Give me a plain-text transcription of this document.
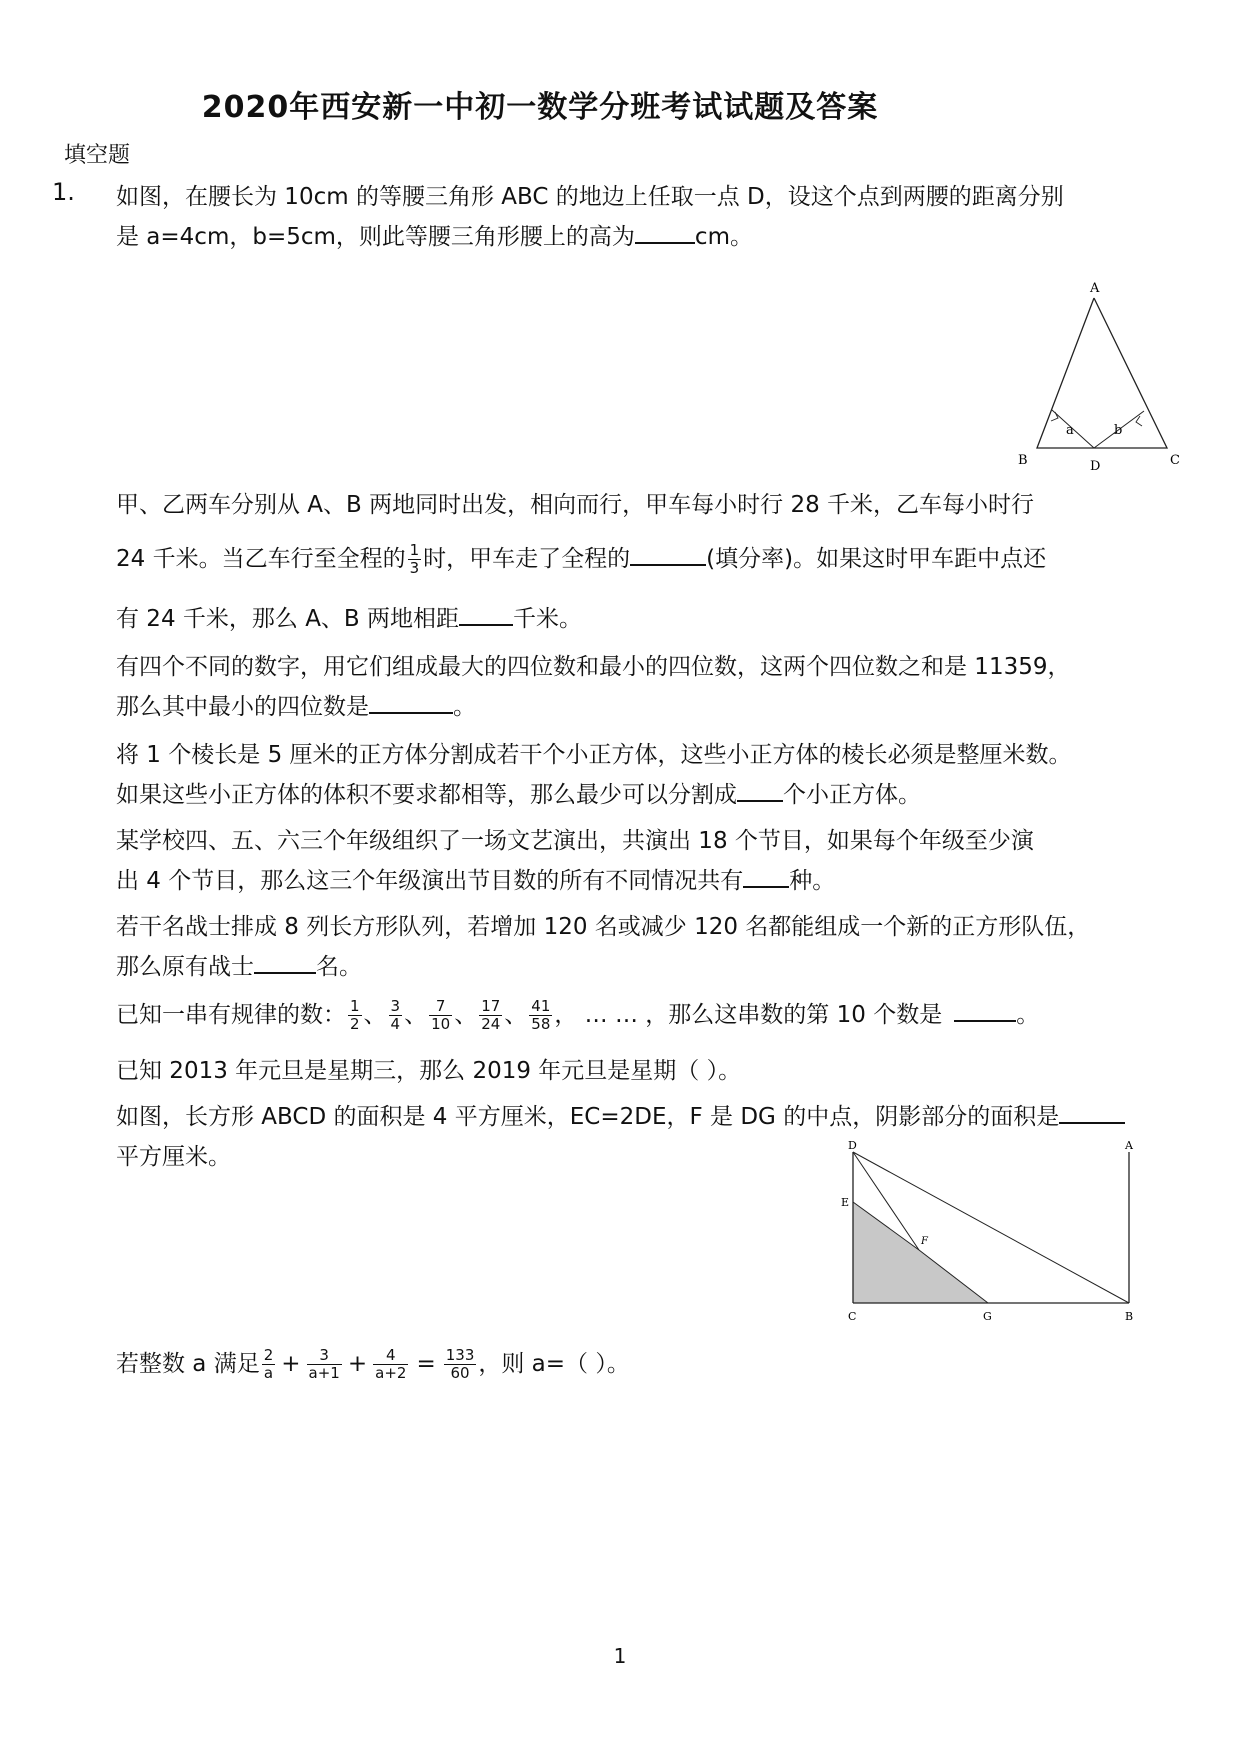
2020年西安新一中初一数学分班考试试题及答案
填空题
1. 如图，在腰长为 10cm 的等腰三角形 ABC 的地边上任取一点 D，设这个点到两腰的距离分别
是 a=4cm，b=5cm，则此等腰三角形腰上的高为	cm。
A
B	D	C
a	b
甲、乙两车分别从 A、B 两地同时出发，相向而行，甲车每小时行 28 千米，乙车每小时行
24 千米。当乙车行至全程的 $\frac{1}{3}$ 时，甲车走了全程的	(填分率)。如果这时甲车距中点还
有 24 千米，那么 A、B 两地相距 千米。
有四个不同的数字，用它们组成最大的四位数和最小的四位数，这两个四位数之和是 11359，
那么其中最小的四位数是	。
将 1 个棱长是 5 厘米的正方体分割成若干个小正方体，这些小正方体的棱长必须是整厘米数。
如果这些小正方体的体积不要求都相等，那么最少可以分割成 个小正方体。
某学校四、五、六三个年级组织了一场文艺演出，共演出 18 个节目，如果每个年级至少演
出 4 个节目，那么这三个年级演出节目数的所有不同情况共有 种。
若干名战士排成 8 列长方形队列，若增加 120 名或减少 120 名都能组成一个新的正方形队伍，
那么原有战士	名。
已知一串有规律的数： $\frac{1}{2}$ 、 $\frac{3}{4}$ 、 $\frac{7}{10}$ 、 $\frac{17}{24}$ 、 $\frac{41}{58}$ ， … … ，那么这串数的第 10 个数是	。
已知 2013 年元旦是星期三，那么 2019 年元旦是星期（ ）。
如图，长方形 ABCD 的面积是 4 平方厘米，EC=2DE，F 是 DG 的中点，阴影部分的面积是
平方厘米。	D	A
E
F
C	G	B
若整数 a 满足 $\frac{2}{a} + \frac{3}{a+1} + \frac{4}{a+2} = \frac{133}{60}$ ，则 a=（ ）。
1
